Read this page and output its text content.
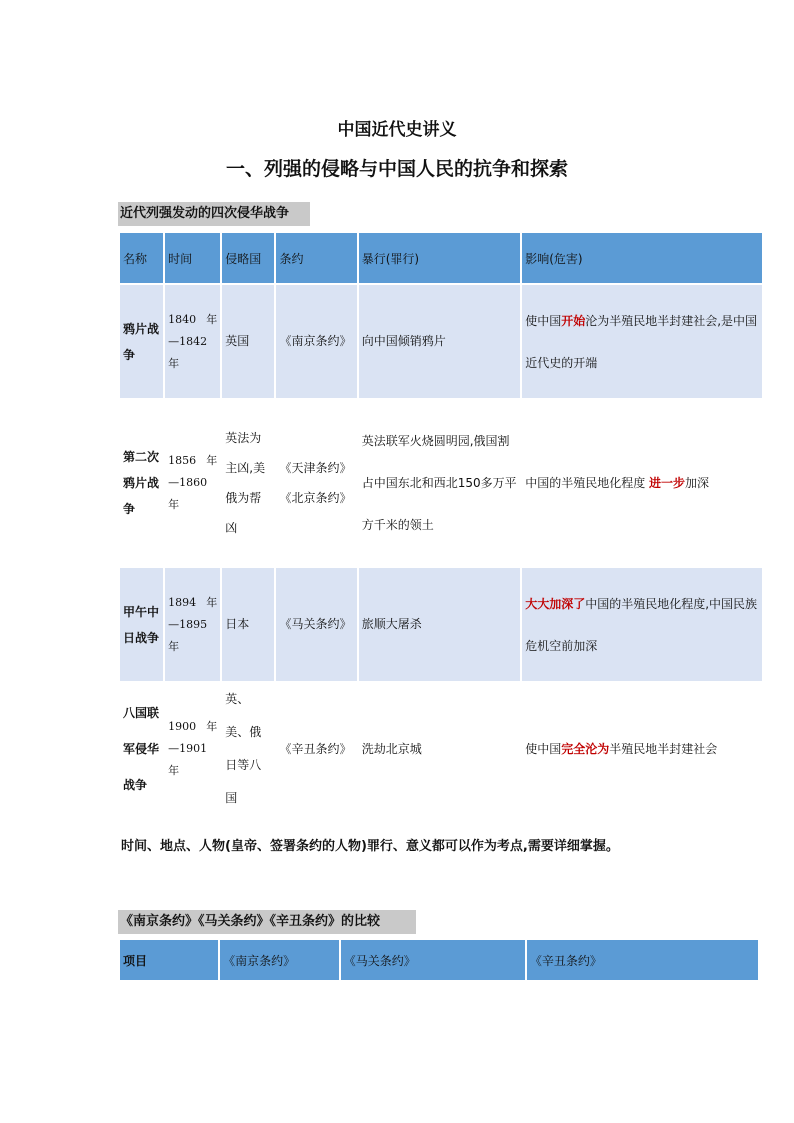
中国近代史讲义
一、列强的侵略与中国人民的抗争和探索
近代列强发动的四次侵华战争
名称	时间	侵略国	条约	暴行(罪行)	影响(危害)
鸦片战争	1840 年
—1842
年	英国	《南京条约》	向中国倾销鸦片	使中国开始沦为半殖民地半封建社会,是中国近代史的开端
第二次鸦片战争	1856 年
—1860
年	英法为主凶,美俄为帮凶	《天津条约》《北京条约》	英法联军火烧圆明园,俄国割占中国东北和西北150多万平方千米的领土	中国的半殖民地化程度 进一步加深
甲午中日战争	1894 年
—1895
年	日本	《马关条约》	旅顺大屠杀	大大加深了中国的半殖民地化程度,中国民族危机空前加深
八国联军侵华战争	1900 年
—1901
年	英、美、俄日等八国	《辛丑条约》	洗劫北京城	使中国完全沦为半殖民地半封建社会

时间、地点、人物(皇帝、签署条约的人物)罪行、意义都可以作为考点,需要详细掌握。

《南京条约》《马关条约》《辛丑条约》的比较
项目	《南京条约》	《马关条约》	《辛丑条约》
